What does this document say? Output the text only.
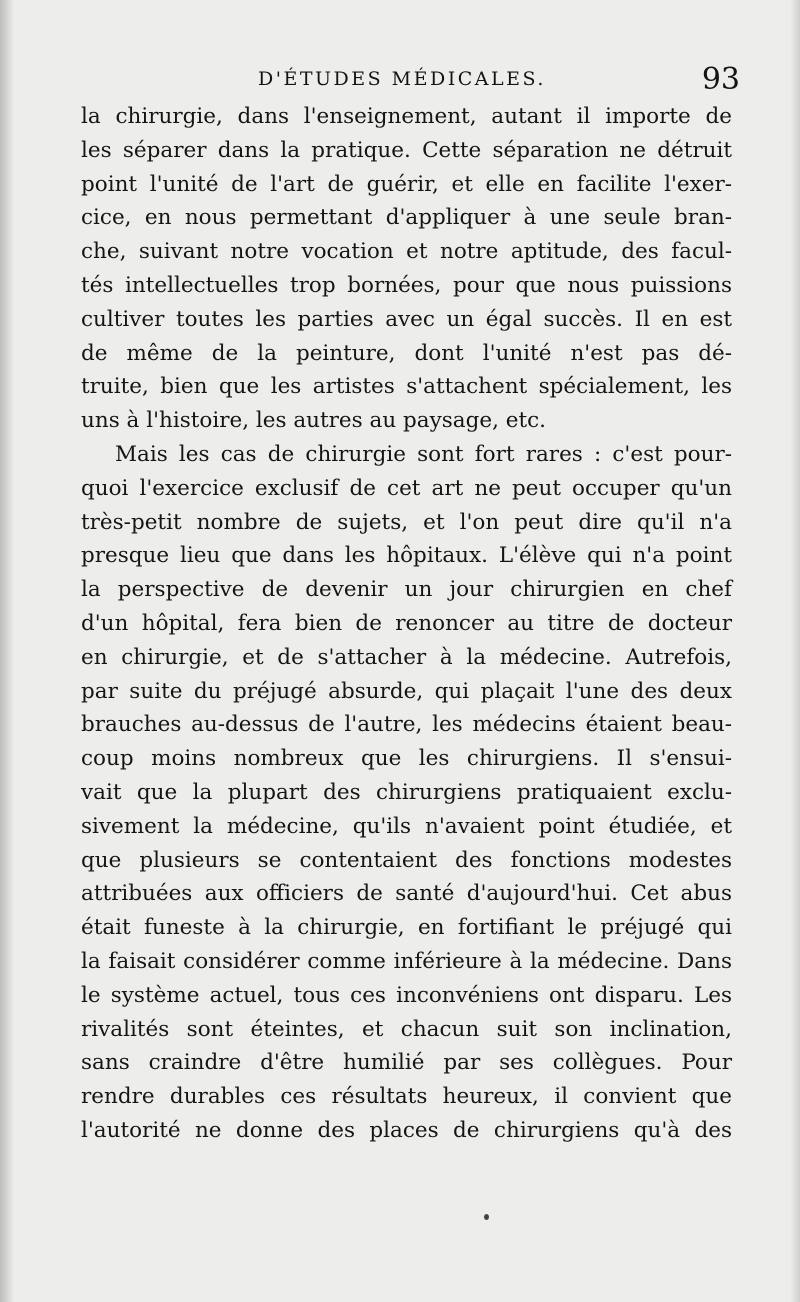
D'ÉTUDES MÉDICALES.	93
la chirurgie, dans l'enseignement, autant il importe de
les séparer dans la pratique. Cette séparation ne détruit
point l'unité de l'art de guérir, et elle en facilite l'exer-
cice, en nous permettant d'appliquer à une seule bran-
che, suivant notre vocation et notre aptitude, des facul-
tés intellectuelles trop bornées, pour que nous puissions
cultiver toutes les parties avec un égal succès. Il en est
de même de la peinture, dont l'unité n'est pas dé-
truite, bien que les artistes s'attachent spécialement, les
uns à l'histoire, les autres au paysage, etc.
Mais les cas de chirurgie sont fort rares : c'est pour-
quoi l'exercice exclusif de cet art ne peut occuper qu'un
très-petit nombre de sujets, et l'on peut dire qu'il n'a
presque lieu que dans les hôpitaux. L'élève qui n'a point
la perspective de devenir un jour chirurgien en chef
d'un hôpital, fera bien de renoncer au titre de docteur
en chirurgie, et de s'attacher à la médecine. Autrefois,
par suite du préjugé absurde, qui plaçait l'une des deux
brauches au-dessus de l'autre, les médecins étaient beau-
coup moins nombreux que les chirurgiens. Il s'ensui-
vait que la plupart des chirurgiens pratiquaient exclu-
sivement la médecine, qu'ils n'avaient point étudiée, et
que plusieurs se contentaient des fonctions modestes
attribuées aux officiers de santé d'aujourd'hui. Cet abus
était funeste à la chirurgie, en fortifiant le préjugé qui
la faisait considérer comme inférieure à la médecine. Dans
le système actuel, tous ces inconvéniens ont disparu. Les
rivalités sont éteintes, et chacun suit son inclination,
sans craindre d'être humilié par ses collègues. Pour
rendre durables ces résultats heureux, il convient que
l'autorité ne donne des places de chirurgiens qu'à des
